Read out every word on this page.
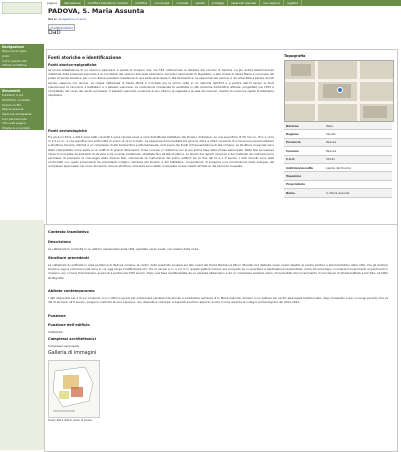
Navigazione
Pagina principale
Aiuto
Cos'è questo sito
Ultime modifiche
Strumenti
Puntatori a qui
Modifiche correlate
Carica un file
Pagine speciali
Versione stampabile
Link permanente
Info sulla pagina
Sfoglia le proprietà
pagina	discussione	modifica tramite un modulo	modifica	cronologia	cancella	sposta	proteggi	osservati speciali	non seguire	registra
PADOVA, S. Maria Assunta
Vai a: navigazione, ricerca
modifica (testo)
Dati
Fonti storiche e identificazione
Fonti storico-epigrafiche
La prima attestazione di un vescovo padovano è quella di Crispino che, nel 343, sottoscrisse le delibere del concilio di Sardica. La più antica testimonianza materiale della presenza vescovile e la cronotassi dei vescovi alla sede padovana, durante l'episcopato di Sigeberto, e alla chiesa di Santa Maria e nei pressi del pozzo di Santa Giustina, per cui si ritiene possibile l'esistenza di una sede episcopale in età tardoantica. La sequenza dei vescovi è documentata a partire dal VII secolo, seppure con lacune. La chiesa cattedrale di Santa Maria è ricordata per la prima volta in un diploma dell'874 e a partire dall'XI secolo le fonti menzionano la canonica, il battistero e il palazzo vescovile. La costruzione medievale fu sostituita in età moderna dall'edificio attuale, progettato nel 1552 e completato nel corso dei secoli successivi. Il palazzo vescovile conserva al suo interno la cappella e la sala dei vescovi, mentre la canonica ospita la biblioteca capitolare.
Fonti archeologiche
Tra gli anni 2011 e 2012 sono stati condotti a varie riprese scavi a nord dell'attuale battistero del Duomo di Padova, su una superficie di 50 mq ca., fino a circa m 1.5 s.l.m., il che significa una profondità di scavo di circa 4 metri. La sequenza documentata tra gli anni 2011 e 2012 consente di riconoscere pavimentazioni e strutture murarie riferibili a un complesso di età tardoantica e altomedievale, al di sopra dei livelli di frequentazione di età romana. Le strutture rinvenute sono state interpretate come parte di un edificio di grandi dimensioni, forse un'aula, in relazione con la più antica fase della chiesa episcopale. Nelle fasi successive l'area fu occupata da ambienti di servizio e da un'area cimiteriale, utilizzata fino all'età moderna. Lo studio dei reperti ceramici e dei materiali da costruzione ha permesso di precisare la cronologia delle diverse fasi, collocando la costruzione del primo edificio tra la fine del IV e il V secolo. I dati raccolti sono stati confrontati con quelli provenienti da precedenti indagini nell'area del Duomo e del battistero, consentendo di proporre una ricostruzione dello sviluppo del complesso episcopale nel corso dei secoli. Alcune strutture rinvenute sono state conservate e rese visibili all'interno del percorso museale.
Topografia
Nazione	Italia
Regione	Veneto
Provincia	Padova
Comune	Padova
C.A.P.	35141
Indirizzo/Località	piazza del Duomo
Toponimo
Proprietario
Nome	S. Maria Assunta
Contesto Insediativo
Descrizione
La cattedrale fu costruita in un settore residenziale della città, spostato verso ovest, non presso della mura.
Strutture precedenti
La cattedrale fu edificata in area periferica di Padova romana, al centro della quadrata insulare sul lato ovest del fiume Medoacus Minor (Brenta) ma distante verso ovest rispetto al centro politico e amministrativo della città, che gli studiosi tendono oggi a collocare nella zona in cui oggi sorge il Caffè Pedrocchi. Tra il I secolo a. C. e il II d. C. questo settore urbano era occupato da un quartiere a destinazione residenziale, come documentano i numerosi rinvenimenti di pavimenti in mosaico, più o meno frammentari, avvenuti a partire dal XVIII secolo. Dopo una fase caratterizzata da un parziale abbandono e da un complesso sistema viario, documentati dal rinvenimento di vari tenaci di strade battute e trachite, ha fatto stratigrafia.
Abitato contemporaneo
I dati disponibili per il IV e il VI secolo non ci offrono spunti per individuare variazioni funzionali e insediative nell'area di S. Maria Assunta. Almeno in un settore del centro episcopale testimoniato, dopo l'ineserzio a per un luogo periodo che va dal VI all'inizio all'X secolo, vengono costruite alcune capanne, non disposte a nell'area, e depositi qualche rapporti, anche in luce durante le indagini archeologiche del 2011-2012.
Funzione
Funzione dell'edificio
Cattedrale
Complessi architettonici
Complesso episcopale
Galleria di immagini
Scavi 2011-2012, Area di scavo
